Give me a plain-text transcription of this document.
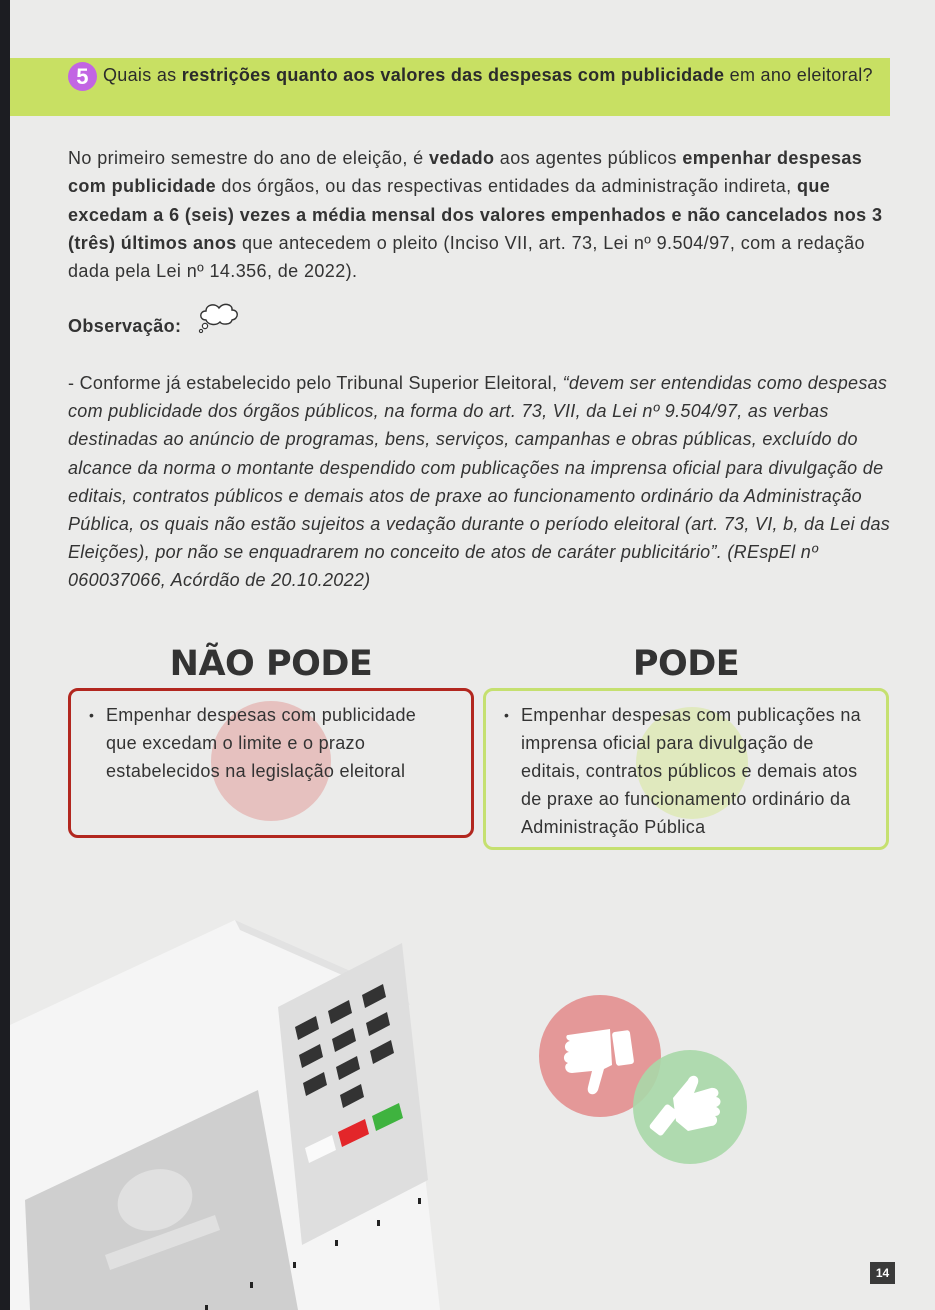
5 Quais as restrições quanto aos valores das despesas com publicidade em ano eleitoral?
No primeiro semestre do ano de eleição, é vedado aos agentes públicos empenhar despesas com publicidade dos órgãos, ou das respectivas entidades da administração indireta, que excedam a 6 (seis) vezes a média mensal dos valores empenhados e não cancelados nos 3 (três) últimos anos que antecedem o pleito (Inciso VII, art. 73, Lei nº 9.504/97, com a redação dada pela Lei nº 14.356, de 2022).
Observação:
- Conforme já estabelecido pelo Tribunal Superior Eleitoral, “devem ser entendidas como despesas com publicidade dos órgãos públicos, na forma do art. 73, VII, da Lei nº 9.504/97, as verbas destinadas ao anúncio de programas, bens, serviços, campanhas e obras públicas, excluído do alcance da norma o montante despendido com publicações na imprensa oficial para divulgação de editais, contratos públicos e demais atos de praxe ao funcionamento ordinário da Administração Pública, os quais não estão sujeitos a vedação durante o período eleitoral (art. 73, VI, b, da Lei das Eleições), por não se enquadrarem no conceito de atos de caráter publicitário”. (REspEl nº 060037066, Acórdão de 20.10.2022)
NÃO PODE	PODE
• Empenhar despesas com publicidade que excedam o limite e o prazo estabelecidos na legislação eleitoral
• Empenhar despesas com publicações na imprensa oficial para divulgação de editais, contratos públicos e demais atos de praxe ao funcionamento ordinário da Administração Pública
14
